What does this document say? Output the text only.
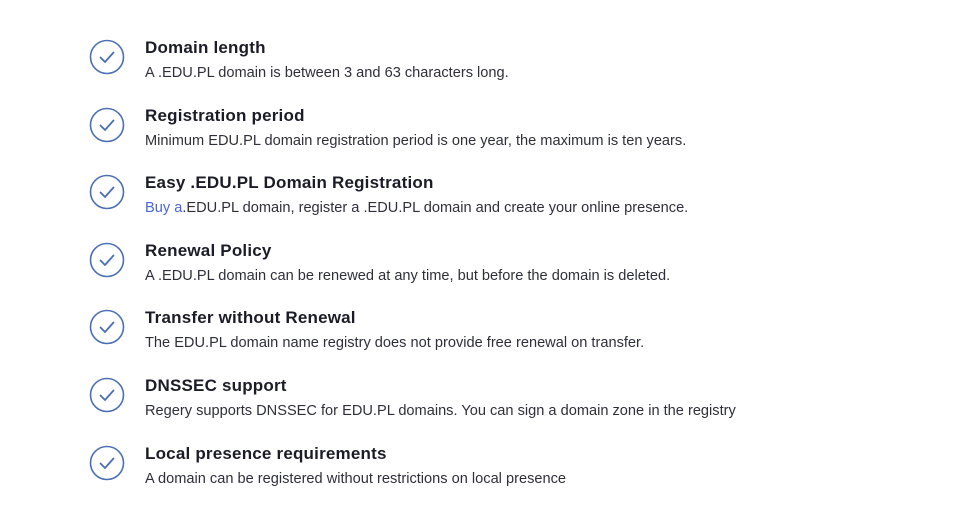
Domain length
A .EDU.PL domain is between 3 and 63 characters long.
Registration period
Minimum EDU.PL domain registration period is one year, the maximum is ten years.
Easy .EDU.PL Domain Registration
Buy a.EDU.PL domain, register a .EDU.PL domain and create your online presence.
Renewal Policy
A .EDU.PL domain can be renewed at any time, but before the domain is deleted.
Transfer without Renewal
The EDU.PL domain name registry does not provide free renewal on transfer.
DNSSEC support
Regery supports DNSSEC for EDU.PL domains. You can sign a domain zone in the registry
Local presence requirements
A domain can be registered without restrictions on local presence
